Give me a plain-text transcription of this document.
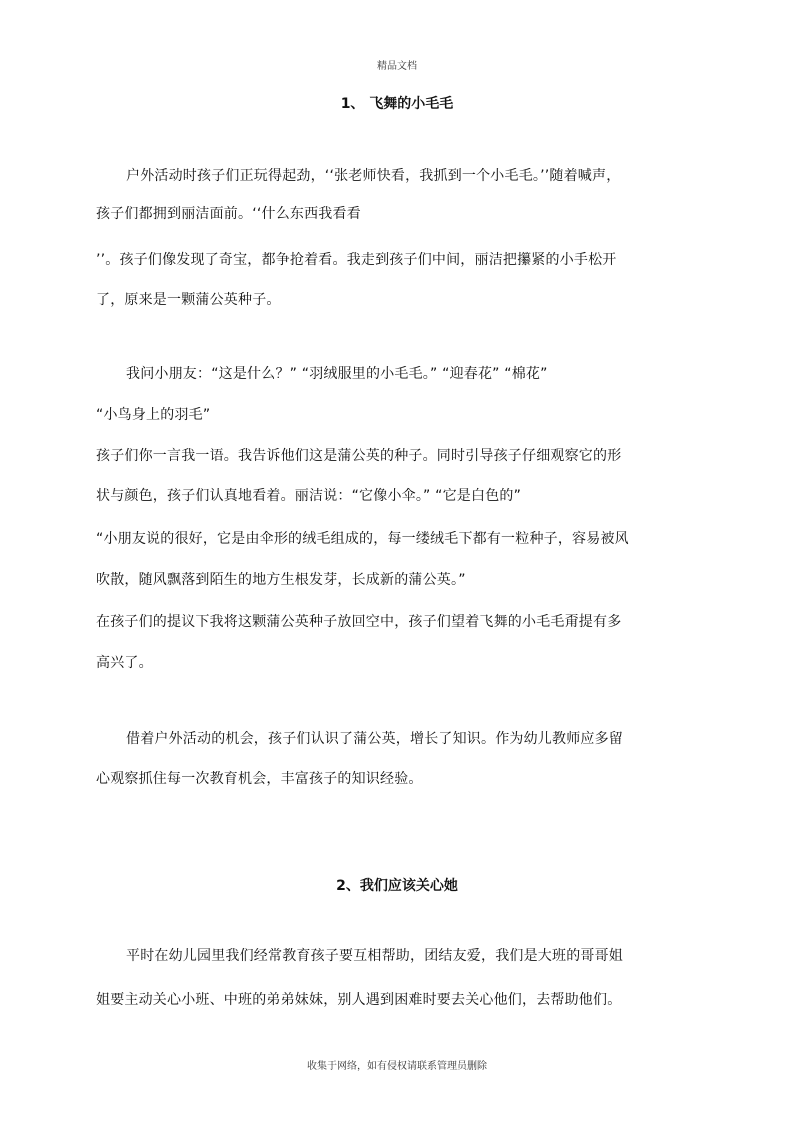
精品文档
1、 飞舞的小毛毛
户外活动时孩子们正玩得起劲，‘‘张老师快看，我抓到一个小毛毛。’’随着喊声，
孩子们都拥到丽洁面前。‘‘什么东西我看看
’’。孩子们像发现了奇宝，都争抢着看。我走到孩子们中间，丽洁把攥紧的小手松开
了，原来是一颗蒲公英种子。
我问小朋友：“这是什么？” “羽绒服里的小毛毛。” “迎春花” “棉花”
“小鸟身上的羽毛”
孩子们你一言我一语。我告诉他们这是蒲公英的种子。同时引导孩子仔细观察它的形
状与颜色，孩子们认真地看着。丽洁说：“它像小伞。” “它是白色的”
“小朋友说的很好，它是由伞形的绒毛组成的，每一缕绒毛下都有一粒种子，容易被风
吹散，随风飘落到陌生的地方生根发芽，长成新的蒲公英。”
在孩子们的提议下我将这颗蒲公英种子放回空中，孩子们望着飞舞的小毛毛甭提有多
高兴了。
借着户外活动的机会，孩子们认识了蒲公英，增长了知识。作为幼儿教师应多留
心观察抓住每一次教育机会，丰富孩子的知识经验。
2、我们应该关心她
平时在幼儿园里我们经常教育孩子要互相帮助，团结友爱，我们是大班的哥哥姐
姐要主动关心小班、中班的弟弟妹妹，别人遇到困难时要去关心他们，去帮助他们。
收集于网络，如有侵权请联系管理员删除
